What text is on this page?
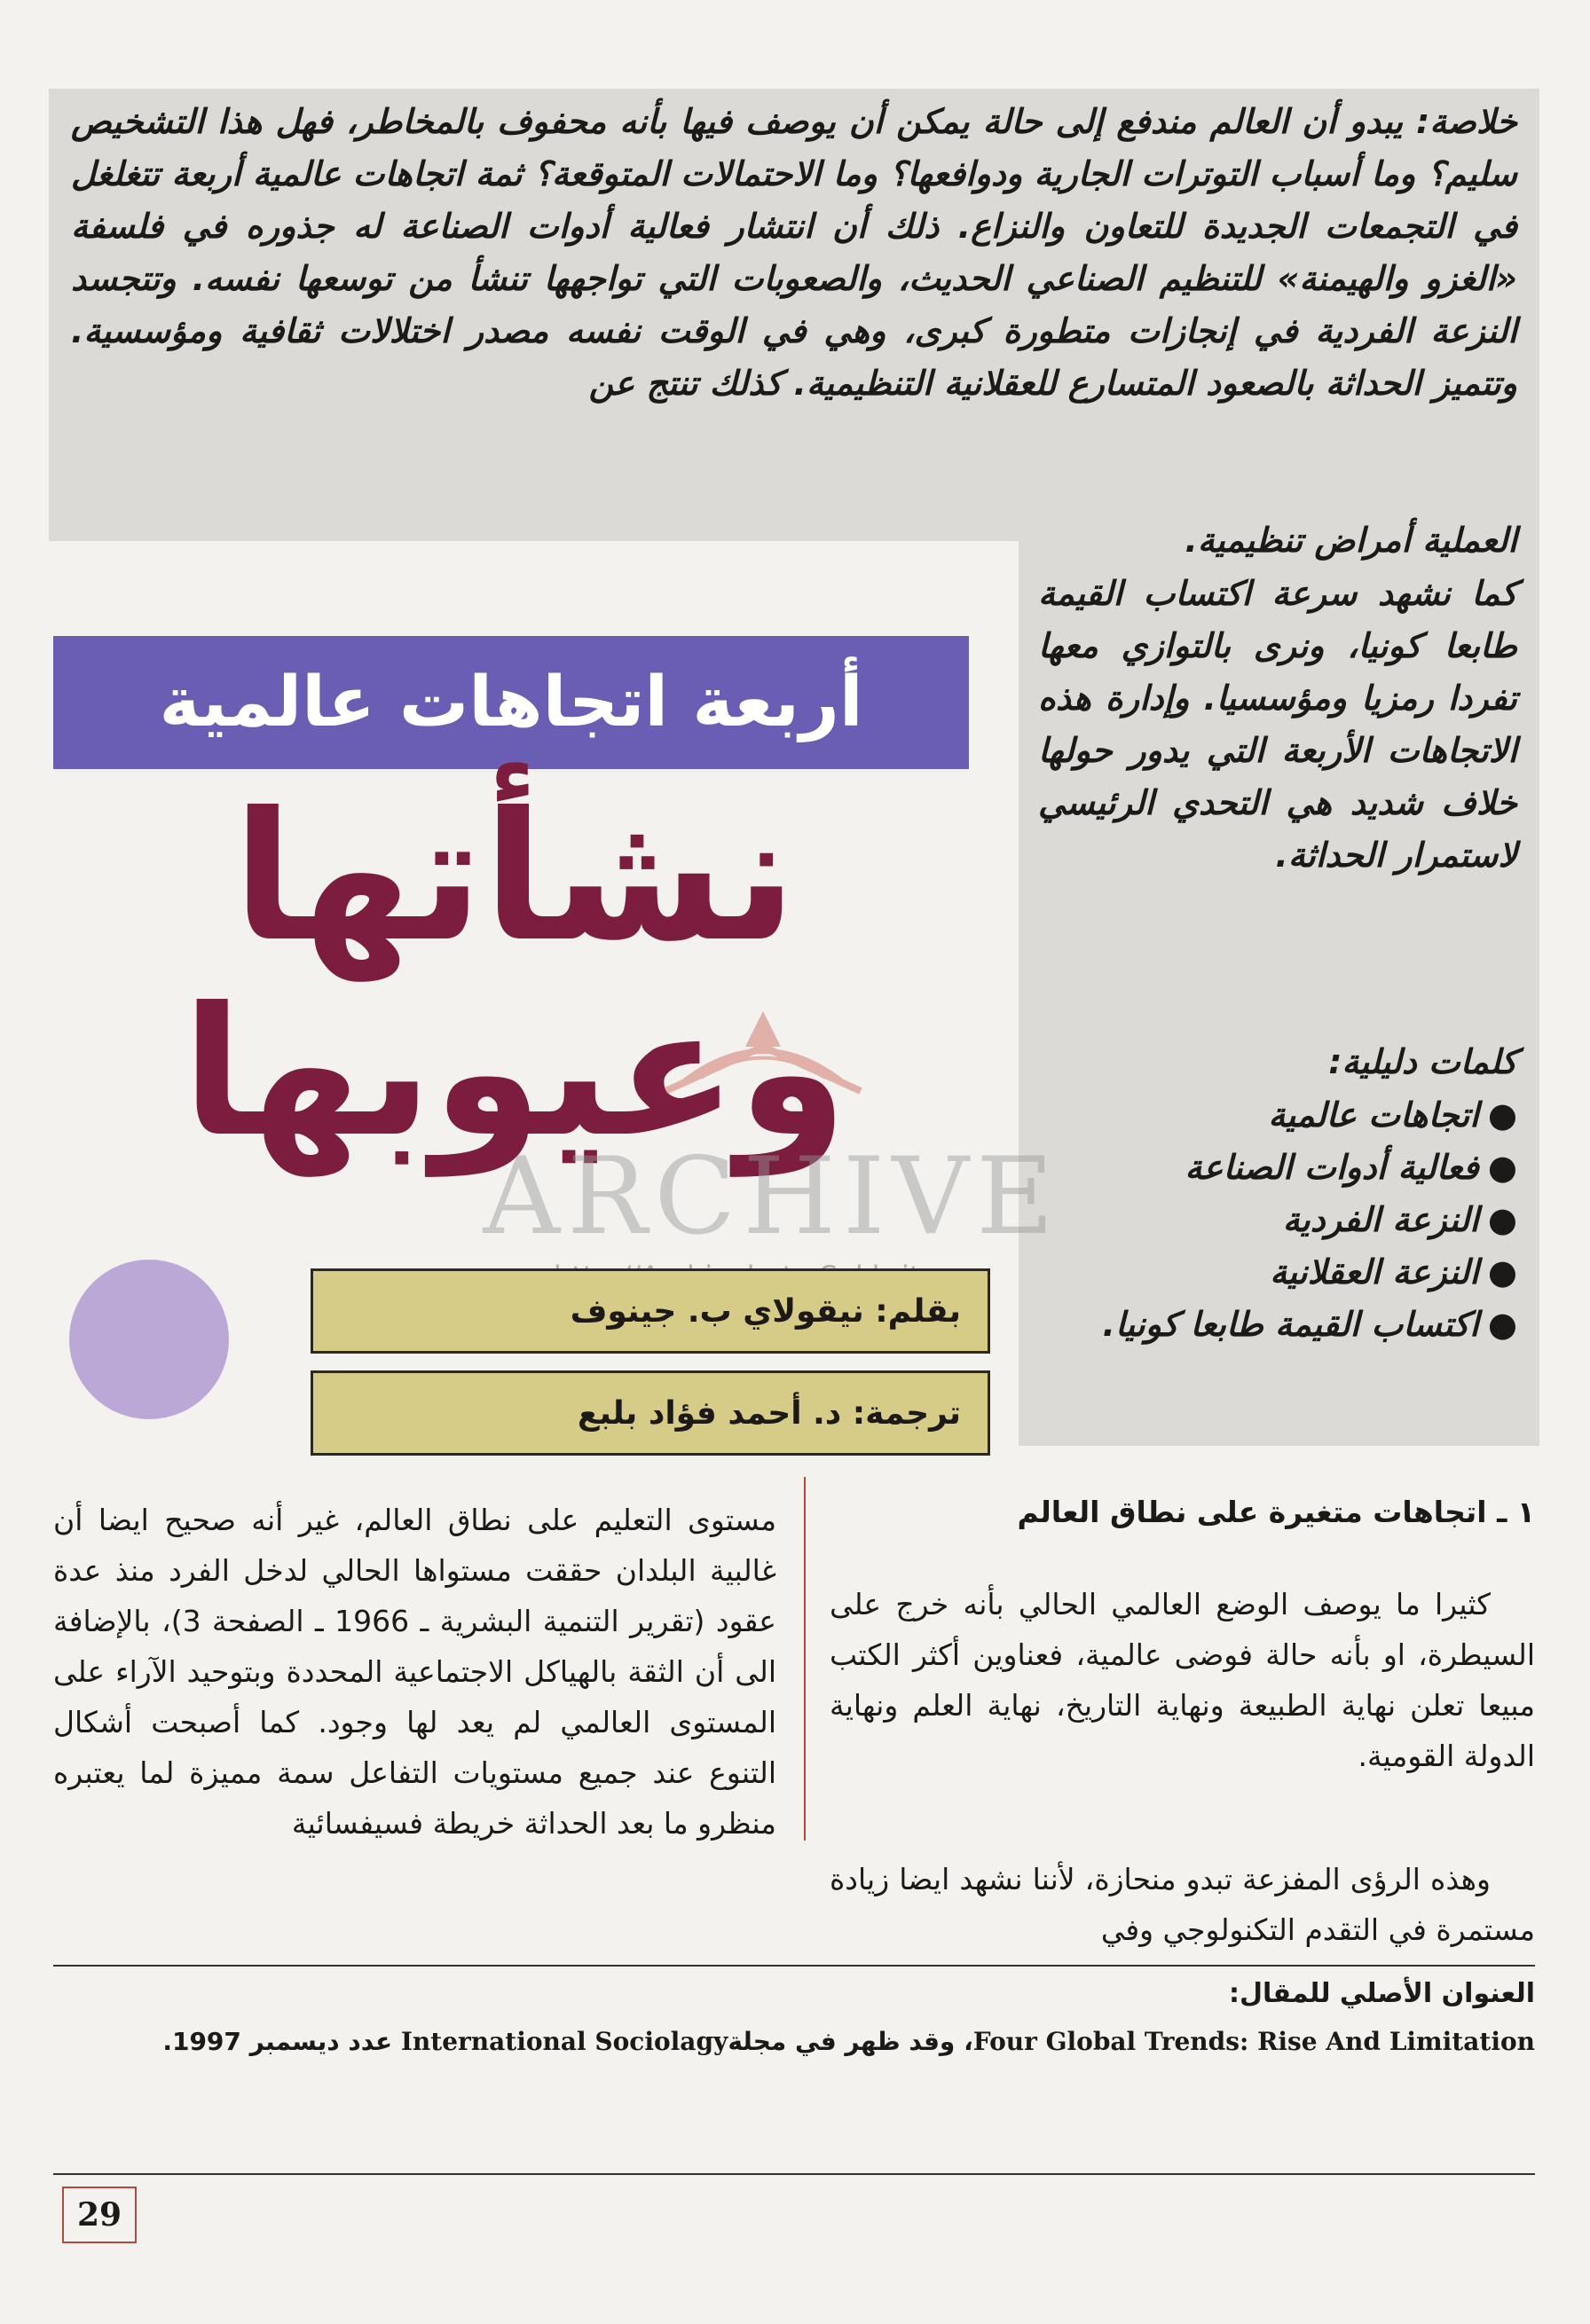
خلاصة: يبدو أن العالم مندفع إلى حالة يمكن أن يوصف فيها بأنه محفوف بالمخاطر، فهل هذا التشخيص سليم؟ وما أسباب التوترات الجارية ودوافعها؟ وما الاحتمالات المتوقعة؟ ثمة اتجاهات عالمية أربعة تتغلغل في التجمعات الجديدة للتعاون والنزاع. ذلك أن انتشار فعالية أدوات الصناعة له جذوره في فلسفة «الغزو والهيمنة» للتنظيم الصناعي الحديث، والصعوبات التي تواجهها تنشأ من توسعها نفسه. وتتجسد النزعة الفردية في إنجازات متطورة كبرى، وهي في الوقت نفسه مصدر اختلالات ثقافية ومؤسسية. وتتميز الحداثة بالصعود المتسارع للعقلانية التنظيمية. كذلك تنتج عن

العملية أمراض تنظيمية.

كما نشهد سرعة اكتساب القيمة طابعا كونيا، ونرى بالتوازي معها تفردا رمزيا ومؤسسيا. وإدارة هذه الاتجاهات الأربعة التي يدور حولها خلاف شديد هي التحدي الرئيسي لاستمرار الحداثة.

كلمات دليلية:
●اتجاهات عالمية
●فعالية أدوات الصناعة
●النزعة الفردية
●النزعة العقلانية
●اكتساب القيمة طابعا كونيا.
أربعة اتجاهات عالمية
نشأتها
وعيوبها
ARCHIVE
بقلم: نيقولاي ب. جينوف
ترجمة: د. أحمد فؤاد بلبع
١ ـ اتجاهات متغيرة على نطاق العالم

كثيرا ما يوصف الوضع العالمي الحالي بأنه خرج على السيطرة، او بأنه حالة فوضى عالمية، فعناوين أكثر الكتب مبيعا تعلن نهاية الطبيعة ونهاية التاريخ، نهاية العلم ونهاية الدولة القومية.

وهذه الرؤى المفزعة تبدو منحازة، لأننا نشهد ايضا زيادة مستمرة في التقدم التكنولوجي وفي

مستوى التعليم على نطاق العالم، غير أنه صحيح ايضا أن غالبية البلدان حققت مستواها الحالي لدخل الفرد منذ عدة عقود (تقرير التنمية البشرية ـ 1966 ـ الصفحة 3)، بالإضافة الى أن الثقة بالهياكل الاجتماعية المحددة وبتوحيد الآراء على المستوى العالمي لم يعد لها وجود. كما أصبحت أشكال التنوع عند جميع مستويات التفاعل سمة مميزة لما يعتبره منظرو ما بعد الحداثة خريطة فسيفسائية

العنوان الأصلي للمقال:
Four Global Trends: Rise And Limitation، وقد ظهر في مجلةInternational Sociolagy عدد ديسمبر 1997.
29
